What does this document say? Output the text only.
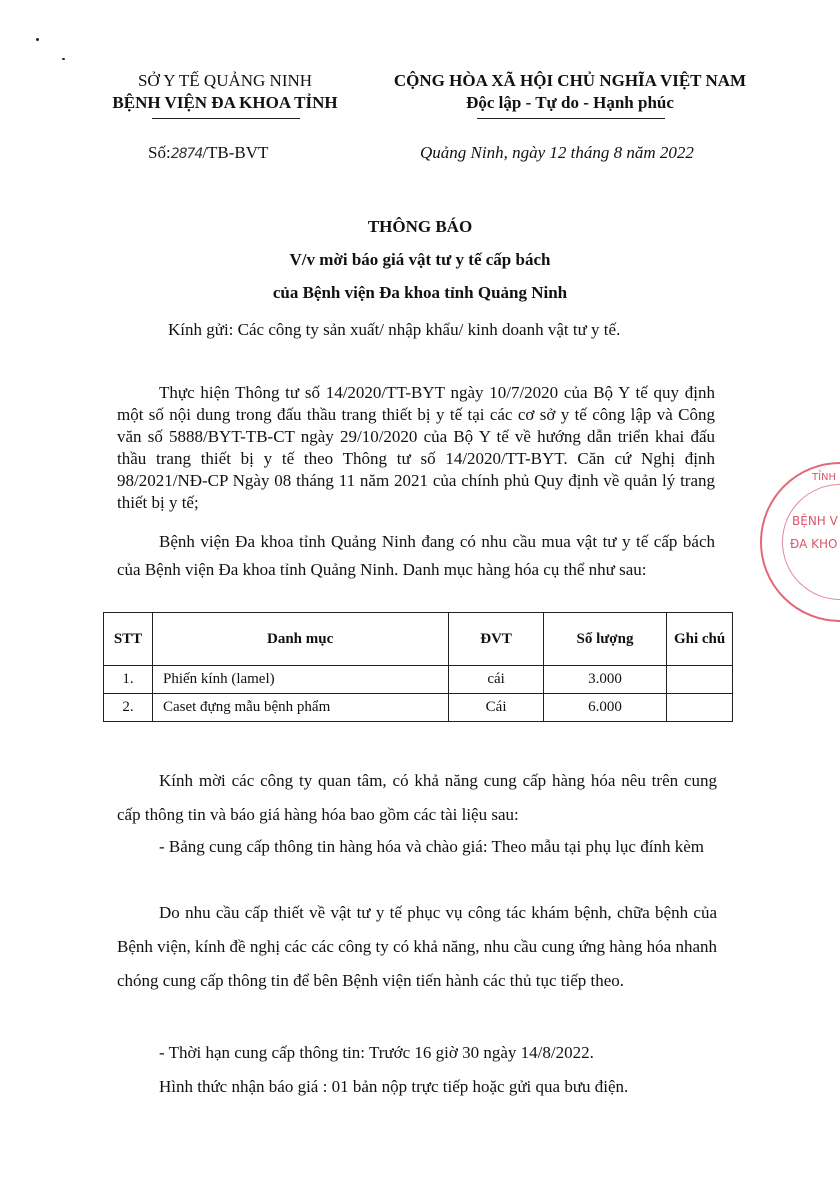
SỞ Y TẾ QUẢNG NINH
BỆNH VIỆN ĐA KHOA TỈNH
CỘNG HÒA XÃ HỘI CHỦ NGHĨA VIỆT NAM
Độc lập - Tự do - Hạnh phúc
Số:2874/TB-BVT	Quảng Ninh, ngày 12 tháng 8 năm 2022
THÔNG BÁO
V/v mời báo giá vật tư y tế cấp bách
của Bệnh viện Đa khoa tỉnh Quảng Ninh
Kính gửi: Các công ty sản xuất/ nhập khẩu/ kinh doanh vật tư y tế.
Thực hiện Thông tư số 14/2020/TT-BYT ngày 10/7/2020 của Bộ Y tế quy định một số nội dung trong đấu thầu trang thiết bị y tế tại các cơ sở y tế công lập và Công văn số 5888/BYT-TB-CT ngày 29/10/2020 của Bộ Y tế về hướng dẫn triển khai đấu thầu trang thiết bị y tế theo Thông tư số 14/2020/TT-BYT. Căn cứ Nghị định 98/2021/NĐ-CP Ngày 08 tháng 11 năm 2021 của chính phủ Quy định về quản lý trang thiết bị y tế;
Bệnh viện Đa khoa tỉnh Quảng Ninh đang có nhu cầu mua vật tư y tế cấp bách của Bệnh viện Đa khoa tỉnh Quảng Ninh. Danh mục hàng hóa cụ thể như sau:
STT	Danh mục	ĐVT	Số lượng	Ghi chú
1.	Phiến kính (lamel)	cái	3.000	
2.	Caset đựng mẫu bệnh phẩm	Cái	6.000	
Kính mời các công ty quan tâm, có khả năng cung cấp hàng hóa nêu trên cung cấp thông tin và báo giá hàng hóa bao gồm các tài liệu sau:
- Bảng cung cấp thông tin hàng hóa và chào giá: Theo mẫu tại phụ lục đính kèm
Do nhu cầu cấp thiết về vật tư y tế phục vụ công tác khám bệnh, chữa bệnh của Bệnh viện, kính đề nghị các các công ty có khả năng, nhu cầu cung ứng hàng hóa nhanh chóng cung cấp thông tin để bên Bệnh viện tiến hành các thủ tục tiếp theo.
- Thời hạn cung cấp thông tin: Trước 16 giờ 30 ngày 14/8/2022.
Hình thức nhận báo giá : 01 bản nộp trực tiếp hoặc gửi qua bưu điện.
TỈNH
BỆNH V
ĐA KHO
